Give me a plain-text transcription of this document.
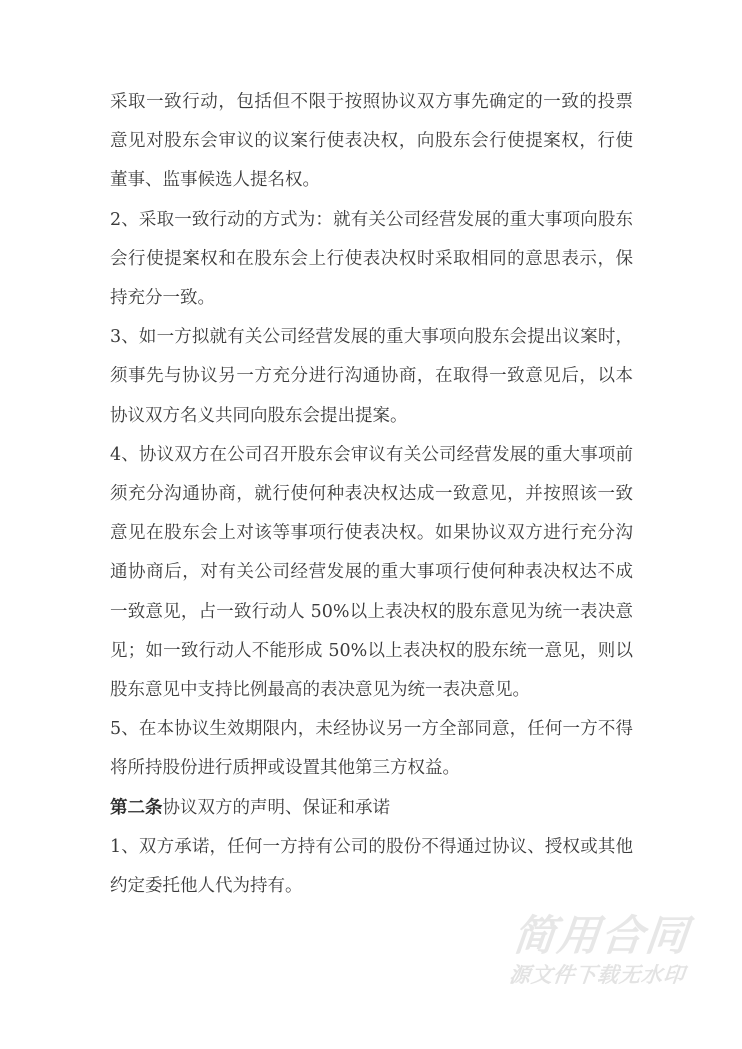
采取一致行动，包括但不限于按照协议双方事先确定的一致的投票意见对股东会审议的议案行使表决权，向股东会行使提案权，行使董事、监事候选人提名权。

2、采取一致行动的方式为：就有关公司经营发展的重大事项向股东会行使提案权和在股东会上行使表决权时采取相同的意思表示，保持充分一致。

3、如一方拟就有关公司经营发展的重大事项向股东会提出议案时，须事先与协议另一方充分进行沟通协商，在取得一致意见后，以本协议双方名义共同向股东会提出提案。

4、协议双方在公司召开股东会审议有关公司经营发展的重大事项前须充分沟通协商，就行使何种表决权达成一致意见，并按照该一致意见在股东会上对该等事项行使表决权。如果协议双方进行充分沟通协商后，对有关公司经营发展的重大事项行使何种表决权达不成一致意见，占一致行动人 50%以上表决权的股东意见为统一表决意见；如一致行动人不能形成 50%以上表决权的股东统一意见，则以股东意见中支持比例最高的表决意见为统一表决意见。

5、在本协议生效期限内，未经协议另一方全部同意，任何一方不得将所持股份进行质押或设置其他第三方权益。

第二条协议双方的声明、保证和承诺

1、双方承诺，任何一方持有公司的股份不得通过协议、授权或其他约定委托他人代为持有。

简用合同
源文件下载无水印
